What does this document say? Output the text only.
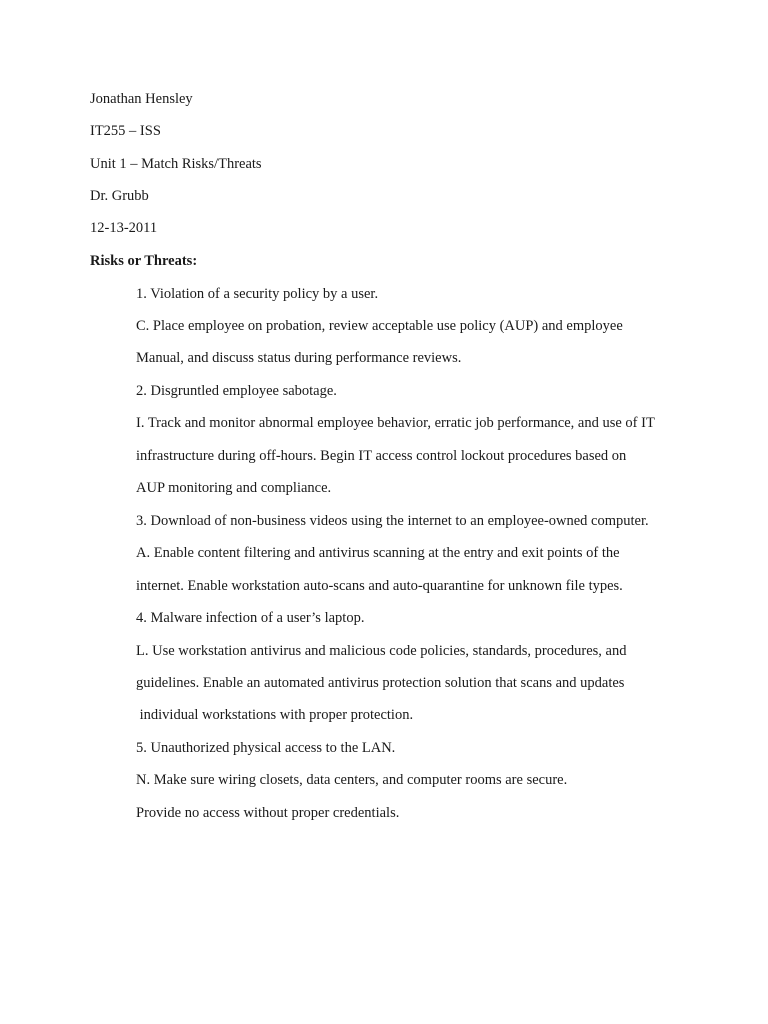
Jonathan Hensley
IT255 – ISS
Unit 1 – Match Risks/Threats
Dr. Grubb
12-13-2011
Risks or Threats:
1. Violation of a security policy by a user.
C. Place employee on probation, review acceptable use policy (AUP) and employee
Manual, and discuss status during performance reviews.
2. Disgruntled employee sabotage.
I. Track and monitor abnormal employee behavior, erratic job performance, and use of IT
infrastructure during off-hours. Begin IT access control lockout procedures based on
AUP monitoring and compliance.
3. Download of non-business videos using the internet to an employee-owned computer.
A. Enable content filtering and antivirus scanning at the entry and exit points of the
internet. Enable workstation auto-scans and auto-quarantine for unknown file types.
4. Malware infection of a user’s laptop.
L. Use workstation antivirus and malicious code policies, standards, procedures, and
guidelines. Enable an automated antivirus protection solution that scans and updates
individual workstations with proper protection.
5. Unauthorized physical access to the LAN.
N. Make sure wiring closets, data centers, and computer rooms are secure.
Provide no access without proper credentials.
